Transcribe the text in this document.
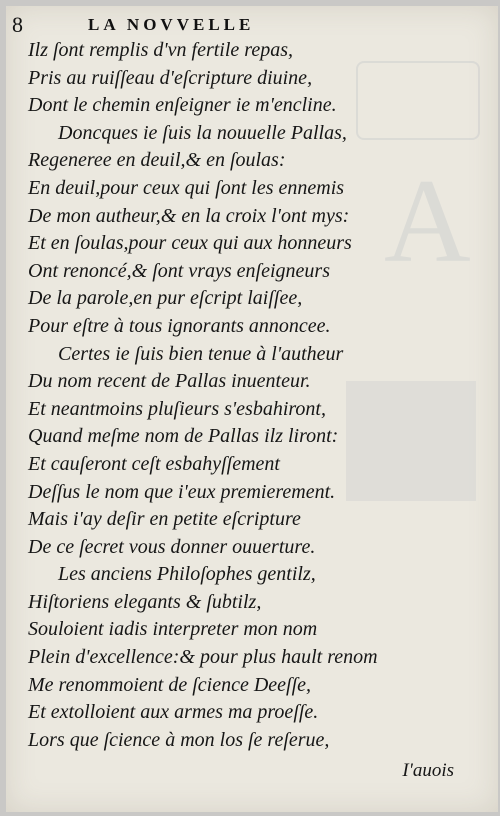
A
8	LA NOVVELLE
Ilz ſont remplis d'vn fertile repas,
Pris au ruiſſeau d'eſcripture diuine,
Dont le chemin enſeigner ie m'encline.
Doncques ie ſuis la nouuelle Pallas,
Regeneree en deuil,& en ſoulas:
En deuil,pour ceux qui ſont les ennemis
De mon autheur,& en la croix l'ont mys:
Et en ſoulas,pour ceux qui aux honneurs
Ont renoncé,& ſont vrays enſeigneurs
De la parole,en pur eſcript laiſſee,
Pour eſtre à tous ignorants annoncee.
Certes ie ſuis bien tenue à l'autheur
Du nom recent de Pallas inuenteur.
Et neantmoins pluſieurs s'esbahiront,
Quand meſme nom de Pallas ilz liront:
Et cauſeront ceſt esbahyſſement
Deſſus le nom que i'eux premierement.
Mais i'ay deſir en petite eſcripture
De ce ſecret vous donner ouuerture.
Les anciens Philoſophes gentilz,
Hiſtoriens elegants & ſubtilz,
Souloient iadis interpreter mon nom
Plein d'excellence:& pour plus hault renom
Me renommoient de ſcience Deeſſe,
Et extolloient aux armes ma proeſſe.
Lors que ſcience à mon los ſe reſerue,
I'auois
